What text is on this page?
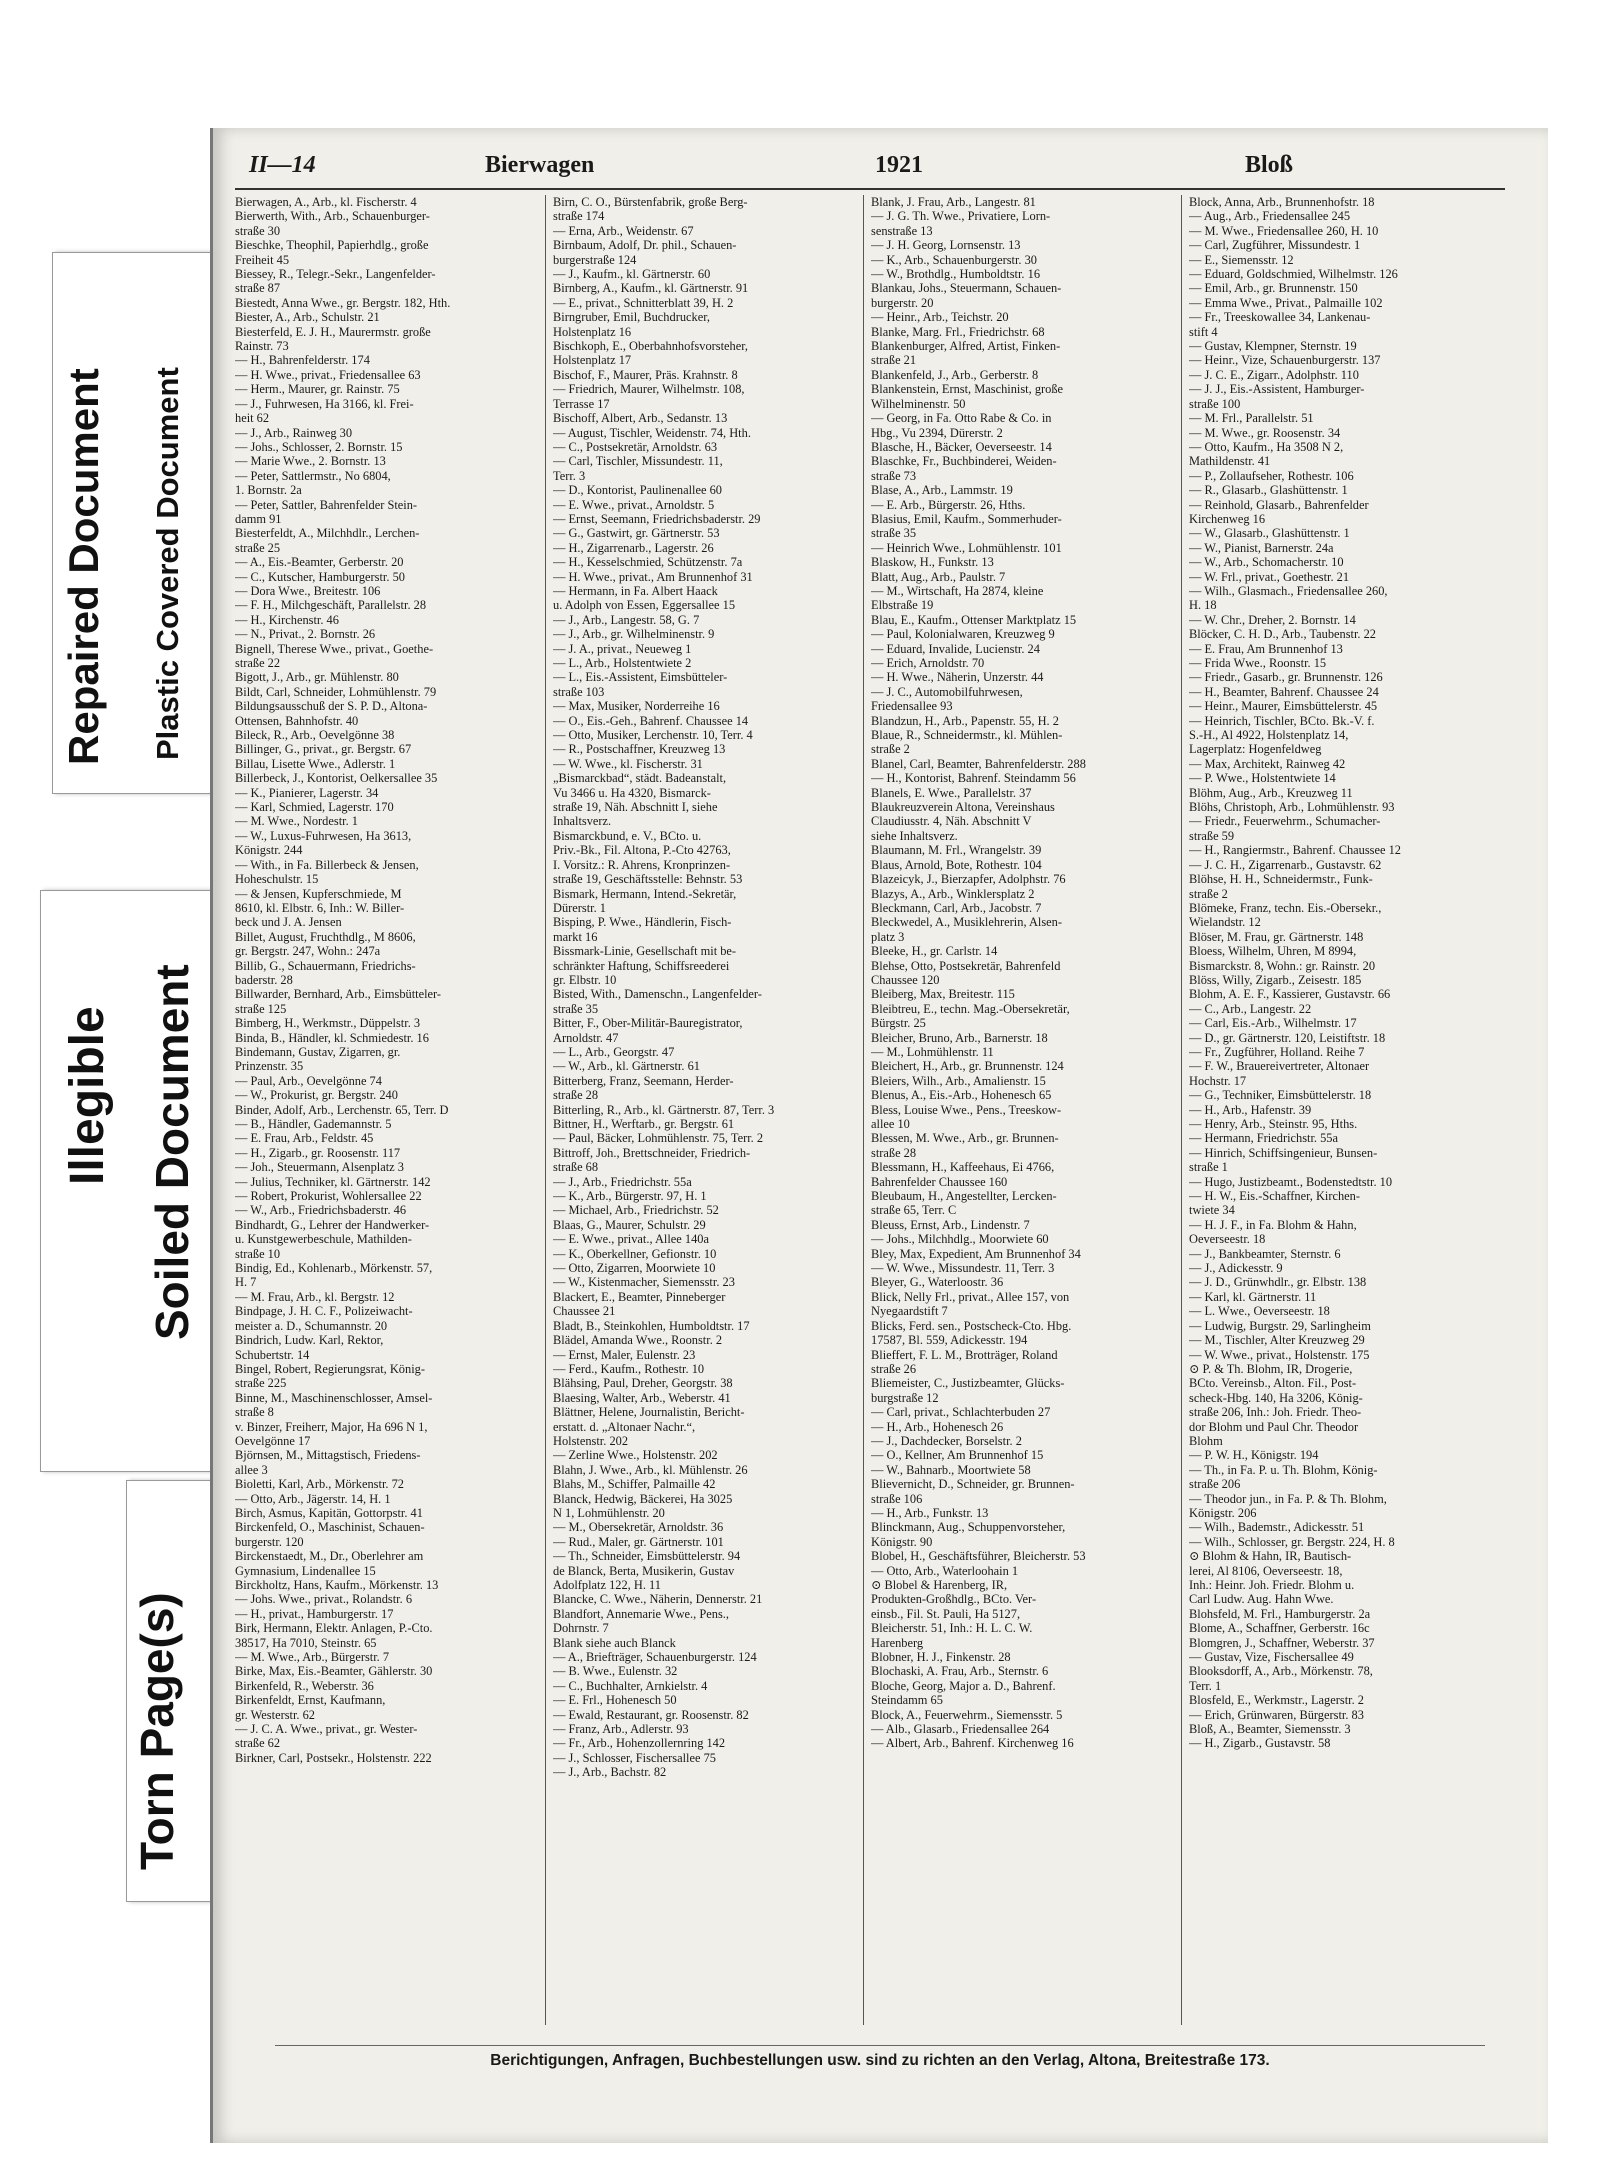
Repaired Document Plastic Covered Document
Illegible Soiled Document
Torn Page(s)
II—14	Bierwagen	1921	Bloß
Bierwagen, A., Arb., kl. Fischerstr. 4
Bierwerth, With., Arb., Schauenburger-
straße 30
Bieschke, Theophil, Papierhdlg., große
Freiheit 45
Biessey, R., Telegr.-Sekr., Langenfelder-
straße 87
Biestedt, Anna Wwe., gr. Bergstr. 182, Hth.
Biester, A., Arb., Schulstr. 21
Biesterfeld, E. J. H., Maurermstr. große
Rainstr. 73
— H., Bahrenfelderstr. 174
— H. Wwe., privat., Friedensallee 63
— Herm., Maurer, gr. Rainstr. 75
— J., Fuhrwesen, Ha 3166, kl. Frei-
heit 62
— J., Arb., Rainweg 30
— Johs., Schlosser, 2. Bornstr. 15
— Marie Wwe., 2. Bornstr. 13
— Peter, Sattlermstr., No 6804,
1. Bornstr. 2a
— Peter, Sattler, Bahrenfelder Stein-
damm 91
Biesterfeldt, A., Milchhdlr., Lerchen-
straße 25
— A., Eis.-Beamter, Gerberstr. 20
— C., Kutscher, Hamburgerstr. 50
— Dora Wwe., Breitestr. 106
— F. H., Milchgeschäft, Parallelstr. 28
— H., Kirchenstr. 46
— N., Privat., 2. Bornstr. 26
Bignell, Therese Wwe., privat., Goethe-
straße 22
Bigott, J., Arb., gr. Mühlenstr. 80
Bildt, Carl, Schneider, Lohmühlenstr. 79
Bildungsausschuß der S. P. D., Altona-
Ottensen, Bahnhofstr. 40
Bileck, R., Arb., Oevelgönne 38
Billinger, G., privat., gr. Bergstr. 67
Billau, Lisette Wwe., Adlerstr. 1
Billerbeck, J., Kontorist, Oelkersallee 35
— K., Pianierer, Lagerstr. 34
— Karl, Schmied, Lagerstr. 170
— M. Wwe., Nordestr. 1
— W., Luxus-Fuhrwesen, Ha 3613,
Königstr. 244
— With., in Fa. Billerbeck & Jensen,
Hoheschulstr. 15
— & Jensen, Kupferschmiede, M
8610, kl. Elbstr. 6, Inh.: W. Biller-
beck und J. A. Jensen
Billet, August, Fruchthdlg., M 8606,
gr. Bergstr. 247, Wohn.: 247a
Billib, G., Schauermann, Friedrichs-
baderstr. 28
Billwarder, Bernhard, Arb., Eimsbütteler-
straße 125
Bimberg, H., Werkmstr., Düppelstr. 3
Binda, B., Händler, kl. Schmiedestr. 16
Bindemann, Gustav, Zigarren, gr.
Prinzenstr. 35
— Paul, Arb., Oevelgönne 74
— W., Prokurist, gr. Bergstr. 240
Binder, Adolf, Arb., Lerchenstr. 65, Terr. D
— B., Händler, Gademannstr. 5
— E. Frau, Arb., Feldstr. 45
— H., Zigarb., gr. Roosenstr. 117
— Joh., Steuermann, Alsenplatz 3
— Julius, Techniker, kl. Gärtnerstr. 142
— Robert, Prokurist, Wohlersallee 22
— W., Arb., Friedrichsbaderstr. 46
Bindhardt, G., Lehrer der Handwerker-
u. Kunstgewerbeschule, Mathilden-
straße 10
Bindig, Ed., Kohlenarb., Mörkenstr. 57,
H. 7
— M. Frau, Arb., kl. Bergstr. 12
Bindpage, J. H. C. F., Polizeiwacht-
meister a. D., Schumannstr. 20
Bindrich, Ludw. Karl, Rektor,
Schubertstr. 14
Bingel, Robert, Regierungsrat, König-
straße 225
Binne, M., Maschinenschlosser, Amsel-
straße 8
v. Binzer, Freiherr, Major, Ha 696 N 1,
Oevelgönne 17
Björnsen, M., Mittagstisch, Friedens-
allee 3
Bioletti, Karl, Arb., Mörkenstr. 72
— Otto, Arb., Jägerstr. 14, H. 1
Birch, Asmus, Kapitän, Gottorpstr. 41
Birckenfeld, O., Maschinist, Schauen-
burgerstr. 120
Birckenstaedt, M., Dr., Oberlehrer am
Gymnasium, Lindenallee 15
Birckholtz, Hans, Kaufm., Mörkenstr. 13
— Johs. Wwe., privat., Rolandstr. 6
— H., privat., Hamburgerstr. 17
Birk, Hermann, Elektr. Anlagen, P.-Cto.
38517, Ha 7010, Steinstr. 65
— M. Wwe., Arb., Bürgerstr. 7
Birke, Max, Eis.-Beamter, Gählerstr. 30
Birkenfeld, R., Weberstr. 36
Birkenfeldt, Ernst, Kaufmann,
gr. Westerstr. 62
— J. C. A. Wwe., privat., gr. Wester-
straße 62
Birkner, Carl, Postsekr., Holstenstr. 222
Birn, C. O., Bürstenfabrik, große Berg-
straße 174
— Erna, Arb., Weidenstr. 67
Birnbaum, Adolf, Dr. phil., Schauen-
burgerstraße 124
— J., Kaufm., kl. Gärtnerstr. 60
Birnberg, A., Kaufm., kl. Gärtnerstr. 91
— E., privat., Schnitterblatt 39, H. 2
Birngruber, Emil, Buchdrucker,
Holstenplatz 16
Bischkoph, E., Oberbahnhofsvorsteher,
Holstenplatz 17
Bischof, F., Maurer, Präs. Krahnstr. 8
— Friedrich, Maurer, Wilhelmstr. 108,
Terrasse 17
Bischoff, Albert, Arb., Sedanstr. 13
— August, Tischler, Weidenstr. 74, Hth.
— C., Postsekretär, Arnoldstr. 63
— Carl, Tischler, Missundestr. 11,
Terr. 3
— D., Kontorist, Paulinenallee 60
— E. Wwe., privat., Arnoldstr. 5
— Ernst, Seemann, Friedrichsbaderstr. 29
— G., Gastwirt, gr. Gärtnerstr. 53
— H., Zigarrenarb., Lagerstr. 26
— H., Kesselschmied, Schützenstr. 7a
— H. Wwe., privat., Am Brunnenhof 31
— Hermann, in Fa. Albert Haack
u. Adolph von Essen, Eggersallee 15
— J., Arb., Langestr. 58, G. 7
— J., Arb., gr. Wilhelminenstr. 9
— J. A., privat., Neueweg 1
— L., Arb., Holstentwiete 2
— L., Eis.-Assistent, Eimsbütteler-
straße 103
— Max, Musiker, Norderreihe 16
— O., Eis.-Geh., Bahrenf. Chaussee 14
— Otto, Musiker, Lerchenstr. 10, Terr. 4
— R., Postschaffner, Kreuzweg 13
— W. Wwe., kl. Fischerstr. 31
„Bismarckbad“, städt. Badeanstalt,
Vu 3466 u. Ha 4320, Bismarck-
straße 19, Näh. Abschnitt I, siehe
Inhaltsverz.
Bismarckbund, e. V., BCto. u.
Priv.-Bk., Fil. Altona, P.-Cto 42763,
I. Vorsitz.: R. Ahrens, Kronprinzen-
straße 19, Geschäftsstelle: Behnstr. 53
Bismark, Hermann, Intend.-Sekretär,
Dürerstr. 1
Bisping, P. Wwe., Händlerin, Fisch-
markt 16
Bissmark-Linie, Gesellschaft mit be-
schränkter Haftung, Schiffsreederei
gr. Elbstr. 10
Bisted, With., Damenschn., Langenfelder-
straße 35
Bitter, F., Ober-Militär-Bauregistrator,
Arnoldstr. 47
— L., Arb., Georgstr. 47
— W., Arb., kl. Gärtnerstr. 61
Bitterberg, Franz, Seemann, Herder-
straße 28
Bitterling, R., Arb., kl. Gärtnerstr. 87, Terr. 3
Bittner, H., Werftarb., gr. Bergstr. 61
— Paul, Bäcker, Lohmühlenstr. 75, Terr. 2
Bittroff, Joh., Brettschneider, Friedrich-
straße 68
— J., Arb., Friedrichstr. 55a
— K., Arb., Bürgerstr. 97, H. 1
— Michael, Arb., Friedrichstr. 52
Blaas, G., Maurer, Schulstr. 29
— E. Wwe., privat., Allee 140a
— K., Oberkellner, Gefionstr. 10
— Otto, Zigarren, Moorwiete 10
— W., Kistenmacher, Siemensstr. 23
Blackert, E., Beamter, Pinneberger
Chaussee 21
Bladt, B., Steinkohlen, Humboldtstr. 17
Blädel, Amanda Wwe., Roonstr. 2
— Ernst, Maler, Eulenstr. 23
— Ferd., Kaufm., Rothestr. 10
Blähsing, Paul, Dreher, Georgstr. 38
Blaesing, Walter, Arb., Weberstr. 41
Blättner, Helene, Journalistin, Bericht-
erstatt. d. „Altonaer Nachr.“,
Holstenstr. 202
— Zerline Wwe., Holstenstr. 202
Blahn, J. Wwe., Arb., kl. Mühlenstr. 26
Blahs, M., Schiffer, Palmaille 42
Blanck, Hedwig, Bäckerei, Ha 3025
N 1, Lohmühlenstr. 20
— M., Obersekretär, Arnoldstr. 36
— Rud., Maler, gr. Gärtnerstr. 101
— Th., Schneider, Eimsbüttelerstr. 94
de Blanck, Berta, Musikerin, Gustav
Adolfplatz 122, H. 11
Blancke, C. Wwe., Näherin, Dennerstr. 21
Blandfort, Annemarie Wwe., Pens.,
Dohrnstr. 7
Blank siehe auch Blanck
— A., Briefträger, Schauenburgerstr. 124
— B. Wwe., Eulenstr. 32
— C., Buchhalter, Arnkielstr. 4
— E. Frl., Hohenesch 50
— Ewald, Restaurant, gr. Roosenstr. 82
— Franz, Arb., Adlerstr. 93
— Fr., Arb., Hohenzollernring 142
— J., Schlosser, Fischersallee 75
— J., Arb., Bachstr. 82
Blank, J. Frau, Arb., Langestr. 81
— J. G. Th. Wwe., Privatiere, Lorn-
senstraße 13
— J. H. Georg, Lornsenstr. 13
— K., Arb., Schauenburgerstr. 30
— W., Brothdlg., Humboldtstr. 16
Blankau, Johs., Steuermann, Schauen-
burgerstr. 20
— Heinr., Arb., Teichstr. 20
Blanke, Marg. Frl., Friedrichstr. 68
Blankenburger, Alfred, Artist, Finken-
straße 21
Blankenfeld, J., Arb., Gerberstr. 8
Blankenstein, Ernst, Maschinist, große
Wilhelminenstr. 50
— Georg, in Fa. Otto Rabe & Co. in
Hbg., Vu 2394, Dürerstr. 2
Blasche, H., Bäcker, Oeverseestr. 14
Blaschke, Fr., Buchbinderei, Weiden-
straße 73
Blase, A., Arb., Lammstr. 19
— E. Arb., Bürgerstr. 26, Hths.
Blasius, Emil, Kaufm., Sommerhuder-
straße 35
— Heinrich Wwe., Lohmühlenstr. 101
Blaskow, H., Funkstr. 13
Blatt, Aug., Arb., Paulstr. 7
— M., Wirtschaft, Ha 2874, kleine
Elbstraße 19
Blau, E., Kaufm., Ottenser Marktplatz 15
— Paul, Kolonialwaren, Kreuzweg 9
— Eduard, Invalide, Lucienstr. 24
— Erich, Arnoldstr. 70
— H. Wwe., Näherin, Unzerstr. 44
— J. C., Automobilfuhrwesen,
Friedensallee 93
Blandzun, H., Arb., Papenstr. 55, H. 2
Blaue, R., Schneidermstr., kl. Mühlen-
straße 2
Blanel, Carl, Beamter, Bahrenfelderstr. 288
— H., Kontorist, Bahrenf. Steindamm 56
Blanels, E. Wwe., Parallelstr. 37
Blaukreuzverein Altona, Vereinshaus
Claudiusstr. 4, Näh. Abschnitt V
siehe Inhaltsverz.
Blaumann, M. Frl., Wrangelstr. 39
Blaus, Arnold, Bote, Rothestr. 104
Blazeicyk, J., Bierzapfer, Adolphstr. 76
Blazys, A., Arb., Winklersplatz 2
Bleckmann, Carl, Arb., Jacobstr. 7
Bleckwedel, A., Musiklehrerin, Alsen-
platz 3
Bleeke, H., gr. Carlstr. 14
Blehse, Otto, Postsekretär, Bahrenfeld
Chaussee 120
Bleiberg, Max, Breitestr. 115
Bleibtreu, E., techn. Mag.-Obersekretär,
Bürgstr. 25
Bleicher, Bruno, Arb., Barnerstr. 18
— M., Lohmühlenstr. 11
Bleichert, H., Arb., gr. Brunnenstr. 124
Bleiers, Wilh., Arb., Amalienstr. 15
Blenus, A., Eis.-Arb., Hohenesch 65
Bless, Louise Wwe., Pens., Treeskow-
allee 10
Blessen, M. Wwe., Arb., gr. Brunnen-
straße 28
Blessmann, H., Kaffeehaus, Ei 4766,
Bahrenfelder Chaussee 160
Bleubaum, H., Angestellter, Lercken-
straße 65, Terr. C
Bleuss, Ernst, Arb., Lindenstr. 7
— Johs., Milchhdlg., Moorwiete 60
Bley, Max, Expedient, Am Brunnenhof 34
— W. Wwe., Missundestr. 11, Terr. 3
Bleyer, G., Waterloostr. 36
Blick, Nelly Frl., privat., Allee 157, von
Nyegaardstift 7
Blicks, Ferd. sen., Postscheck-Cto. Hbg.
17587, Bl. 559, Adickesstr. 194
Blieffert, F. L. M., Brotträger, Roland
straße 26
Bliemeister, C., Justizbeamter, Glücks-
burgstraße 12
— Carl, privat., Schlachterbuden 27
— H., Arb., Hohenesch 26
— J., Dachdecker, Borselstr. 2
— O., Kellner, Am Brunnenhof 15
— W., Bahnarb., Moortwiete 58
Blievernicht, D., Schneider, gr. Brunnen-
straße 106
— H., Arb., Funkstr. 13
Blinckmann, Aug., Schuppenvorsteher,
Königstr. 90
Blobel, H., Geschäftsführer, Bleicherstr. 53
— Otto, Arb., Waterloohain 1
⊙ Blobel & Harenberg, IR,
Produkten-Großhdlg., BCto. Ver-
einsb., Fil. St. Pauli, Ha 5127,
Bleicherstr. 51, Inh.: H. L. C. W.
Harenberg
Blobner, H. J., Finkenstr. 28
Blochaski, A. Frau, Arb., Sternstr. 6
Bloche, Georg, Major a. D., Bahrenf.
Steindamm 65
Block, A., Feuerwehrm., Siemensstr. 5
— Alb., Glasarb., Friedensallee 264
— Albert, Arb., Bahrenf. Kirchenweg 16
Block, Anna, Arb., Brunnenhofstr. 18
— Aug., Arb., Friedensallee 245
— M. Wwe., Friedensallee 260, H. 10
— Carl, Zugführer, Missundestr. 1
— E., Siemensstr. 12
— Eduard, Goldschmied, Wilhelmstr. 126
— Emil, Arb., gr. Brunnenstr. 150
— Emma Wwe., Privat., Palmaille 102
— Fr., Treeskowallee 34, Lankenau-
stift 4
— Gustav, Klempner, Sternstr. 19
— Heinr., Vize, Schauenburgerstr. 137
— J. C. E., Zigarr., Adolphstr. 110
— J. J., Eis.-Assistent, Hamburger-
straße 100
— M. Frl., Parallelstr. 51
— M. Wwe., gr. Roosenstr. 34
— Otto, Kaufm., Ha 3508 N 2,
Mathildenstr. 41
— P., Zollaufseher, Rothestr. 106
— R., Glasarb., Glashüttenstr. 1
— Reinhold, Glasarb., Bahrenfelder
Kirchenweg 16
— W., Glasarb., Glashüttenstr. 1
— W., Pianist, Barnerstr. 24a
— W., Arb., Schomacherstr. 10
— W. Frl., privat., Goethestr. 21
— Wilh., Glasmach., Friedensallee 260,
H. 18
— W. Chr., Dreher, 2. Bornstr. 14
Blöcker, C. H. D., Arb., Taubenstr. 22
— E. Frau, Am Brunnenhof 13
— Frida Wwe., Roonstr. 15
— Friedr., Gasarb., gr. Brunnenstr. 126
— H., Beamter, Bahrenf. Chaussee 24
— Heinr., Maurer, Eimsbüttelerstr. 45
— Heinrich, Tischler, BCto. Bk.-V. f.
S.-H., Al 4922, Holstenplatz 14,
Lagerplatz: Hogenfeldweg
— Max, Architekt, Rainweg 42
— P. Wwe., Holstentwiete 14
Blöhm, Aug., Arb., Kreuzweg 11
Blöhs, Christoph, Arb., Lohmühlenstr. 93
— Friedr., Feuerwehrm., Schumacher-
straße 59
— H., Rangiermstr., Bahrenf. Chaussee 12
— J. C. H., Zigarrenarb., Gustavstr. 62
Blöhse, H. H., Schneidermstr., Funk-
straße 2
Blömeke, Franz, techn. Eis.-Obersekr.,
Wielandstr. 12
Blöser, M. Frau, gr. Gärtnerstr. 148
Bloess, Wilhelm, Uhren, M 8994,
Bismarckstr. 8, Wohn.: gr. Rainstr. 20
Blöss, Willy, Zigarb., Zeisestr. 185
Blohm, A. E. F., Kassierer, Gustavstr. 66
— C., Arb., Langestr. 22
— Carl, Eis.-Arb., Wilhelmstr. 17
— D., gr. Gärtnerstr. 120, Leistiftstr. 18
— Fr., Zugführer, Holland. Reihe 7
— F. W., Brauereivertreter, Altonaer
Hochstr. 17
— G., Techniker, Eimsbüttelerstr. 18
— H., Arb., Hafenstr. 39
— Henry, Arb., Steinstr. 95, Hths.
— Hermann, Friedrichstr. 55a
— Hinrich, Schiffsingenieur, Bunsen-
straße 1
— Hugo, Justizbeamt., Bodenstedtstr. 10
— H. W., Eis.-Schaffner, Kirchen-
twiete 34
— H. J. F., in Fa. Blohm & Hahn,
Oeverseestr. 18
— J., Bankbeamter, Sternstr. 6
— J., Adickesstr. 9
— J. D., Grünwhdlr., gr. Elbstr. 138
— Karl, kl. Gärtnerstr. 11
— L. Wwe., Oeverseestr. 18
— Ludwig, Burgstr. 29, Sarlingheim
— M., Tischler, Alter Kreuzweg 29
— W. Wwe., privat., Holstenstr. 175
⊙ P. & Th. Blohm, IR, Drogerie,
BCto. Vereinsb., Alton. Fil., Post-
scheck-Hbg. 140, Ha 3206, König-
straße 206, Inh.: Joh. Friedr. Theo-
dor Blohm und Paul Chr. Theodor
Blohm
— P. W. H., Königstr. 194
— Th., in Fa. P. u. Th. Blohm, König-
straße 206
— Theodor jun., in Fa. P. & Th. Blohm,
Königstr. 206
— Wilh., Bademstr., Adickesstr. 51
— Wilh., Schlosser, gr. Bergstr. 224, H. 8
⊙ Blohm & Hahn, IR, Bautisch-
lerei, Al 8106, Oeverseestr. 18,
Inh.: Heinr. Joh. Friedr. Blohm u.
Carl Ludw. Aug. Hahn Wwe.
Blohsfeld, M. Frl., Hamburgerstr. 2a
Blome, A., Schaffner, Gerberstr. 16c
Blomgren, J., Schaffner, Weberstr. 37
— Gustav, Vize, Fischersallee 49
Blooksdorff, A., Arb., Mörkenstr. 78,
Terr. 1
Blosfeld, E., Werkmstr., Lagerstr. 2
— Erich, Grünwaren, Bürgerstr. 83
Bloß, A., Beamter, Siemensstr. 3
— H., Zigarb., Gustavstr. 58
Berichtigungen, Anfragen, Buchbestellungen usw. sind zu richten an den Verlag, Altona, Breitestraße 173.
